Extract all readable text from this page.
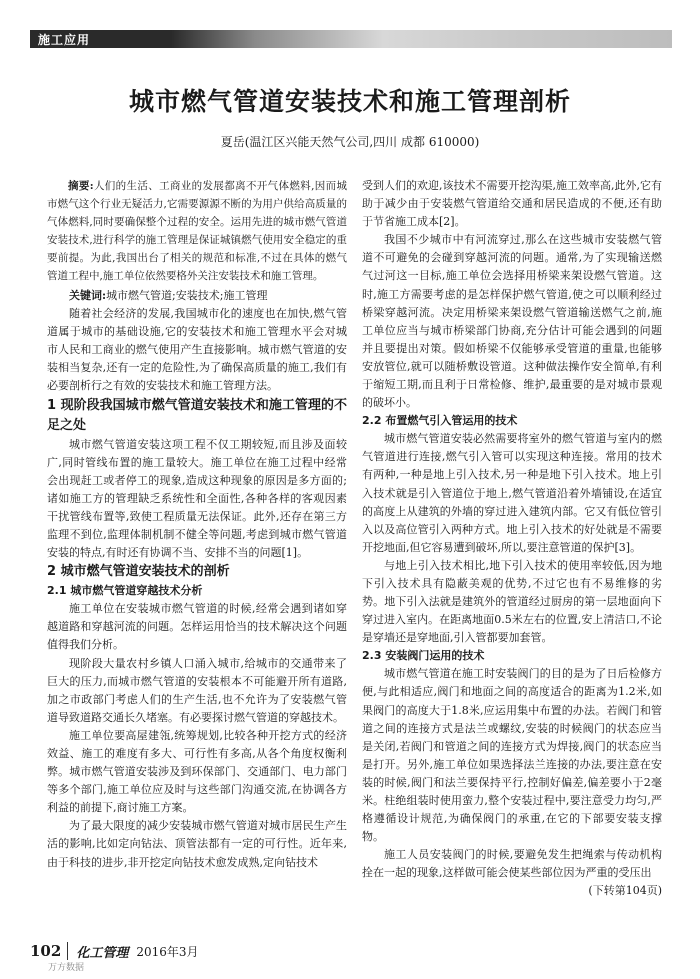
施工应用
城市燃气管道安装技术和施工管理剖析
夏岳(温江区兴能天然气公司,四川 成都 610000)

摘要:人们的生活、工商业的发展都离不开气体燃料,因而城市燃气这个行业无疑活力,它需要源源不断的为用户供给高质量的气体燃料,同时要确保整个过程的安全。运用先进的城市燃气管道安装技术,进行科学的施工管理是保证城镇燃气使用安全稳定的重要前提。为此,我国出台了相关的规范和标准,不过在具体的燃气管道工程中,施工单位依然要格外关注安装技术和施工管理。

关键词:城市燃气管道;安装技术;施工管理

随着社会经济的发展,我国城市化的速度也在加快,燃气管道属于城市的基础设施,它的安装技术和施工管理水平会对城市人民和工商业的燃气使用产生直接影响。城市燃气管道的安装相当复杂,还有一定的危险性,为了确保高质量的施工,我们有必要剖析行之有效的安装技术和施工管理方法。

1 现阶段我国城市燃气管道安装技术和施工管理的不足之处

城市燃气管道安装这项工程不仅工期较短,而且涉及面较广,同时管线布置的施工量较大。施工单位在施工过程中经常会出现赶工或者停工的现象,造成这种现象的原因是多方面的;诸如施工方的管理缺乏系统性和全面性,各种各样的客观因素干扰管线布置等,致使工程质量无法保证。此外,还存在第三方监理不到位,监理体制机制不健全等问题,考虑到城市燃气管道安装的特点,有时还有协调不当、安排不当的问题[1]。

2 城市燃气管道安装技术的剖析

2.1 城市燃气管道穿越技术分析

施工单位在安装城市燃气管道的时候,经常会遇到诸如穿越道路和穿越河流的问题。怎样运用恰当的技术解决这个问题值得我们分析。

现阶段大量农村乡镇人口涌入城市,给城市的交通带来了巨大的压力,而城市燃气管道的安装根本不可能避开所有道路,加之市政部门考虑人们的生产生活,也不允许为了安装燃气管道导致道路交通长久堵塞。有必要探讨燃气管道的穿越技术。

施工单位要高屋建瓴,统筹规划,比较各种开挖方式的经济效益、施工的难度有多大、可行性有多高,从各个角度权衡利弊。城市燃气管道安装涉及到环保部门、交通部门、电力部门等多个部门,施工单位应及时与这些部门沟通交流,在协调各方利益的前提下,商讨施工方案。

为了最大限度的减少安装城市燃气管道对城市居民生产生活的影响,比如定向钻法、顶管法都有一定的可行性。近年来,由于科技的进步,非开挖定向钻技术愈发成熟,定向钻技术

受到人们的欢迎,该技术不需要开挖沟渠,施工效率高,此外,它有助于减少由于安装燃气管道给交通和居民造成的不便,还有助于节省施工成本[2]。

我国不少城市中有河流穿过,那么在这些城市安装燃气管道不可避免的会碰到穿越河流的问题。通常,为了实现输送燃气过河这一目标,施工单位会选择用桥梁来架设燃气管道。这时,施工方需要考虑的是怎样保护燃气管道,使之可以顺利经过桥梁穿越河流。决定用桥梁来架设燃气管道输送燃气之前,施工单位应当与城市桥梁部门协商,充分估计可能会遇到的问题并且要提出对策。假如桥梁不仅能够承受管道的重量,也能够安放管位,就可以随桥敷设管道。这种做法操作安全简单,有利于缩短工期,而且利于日常检修、维护,最重要的是对城市景观的破坏小。

2.2 布置燃气引入管运用的技术

城市燃气管道安装必然需要将室外的燃气管道与室内的燃气管道进行连接,燃气引入管可以实现这种连接。常用的技术有两种,一种是地上引入技术,另一种是地下引入技术。地上引入技术就是引入管道位于地上,燃气管道沿着外墙铺设,在适宜的高度上从建筑的外墙的穿过进入建筑内部。它又有低位管引入以及高位管引入两种方式。地上引入技术的好处就是不需要开挖地面,但它容易遭到破坏,所以,要注意管道的保护[3]。

与地上引入技术相比,地下引入技术的使用率较低,因为地下引入技术具有隐蔽美观的优势,不过它也有不易维修的劣势。地下引入法就是建筑外的管道经过厨房的第一层地面向下穿过进入室内。在距离地面0.5米左右的位置,安上清洁口,不论是穿墙还是穿地面,引入管都要加套管。

2.3 安装阀门运用的技术

城市燃气管道在施工时安装阀门的目的是为了日后检修方便,与此相适应,阀门和地面之间的高度适合的距离为1.2米,如果阀门的高度大于1.8米,应运用集中布置的办法。若阀门和管道之间的连接方式是法兰或螺纹,安装的时候阀门的状态应当是关闭,若阀门和管道之间的连接方式为焊接,阀门的状态应当是打开。另外,施工单位如果选择法兰连接的办法,要注意在安装的时候,阀门和法兰要保持平行,控制好偏差,偏差要小于2毫米。柱绝组装时使用蛮力,整个安装过程中,要注意受力均匀,严格遵循设计规范,为确保阀门的承重,在它的下部要安装支撑物。

施工人员安装阀门的时候,要避免发生把绳索与传动机构拴在一起的现象,这样做可能会使某些部位因为严重的受压出

(下转第104页)

102 化工管理 2016年3月
万方数据
